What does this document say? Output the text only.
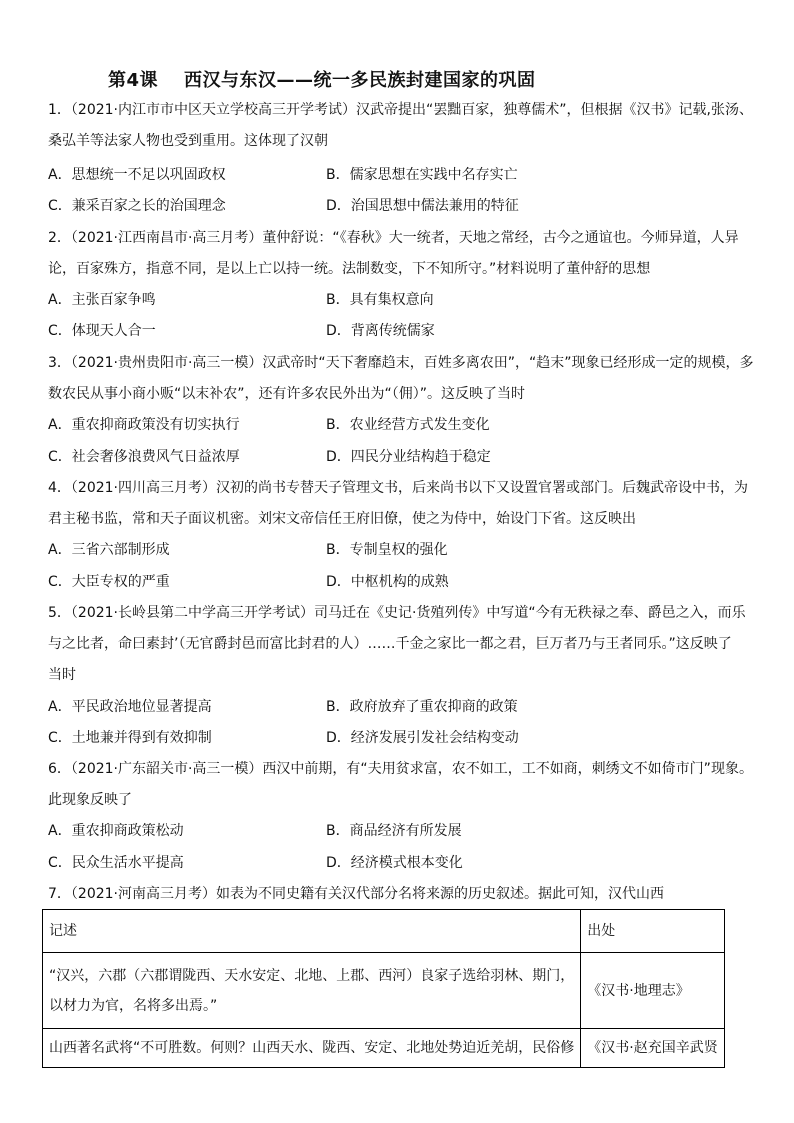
第4课 西汉与东汉——统一多民族封建国家的巩固
1．（2021·内江市市中区天立学校高三开学考试）汉武帝提出“罢黜百家，独尊儒术”，但根据《汉书》记载,张汤、
桑弘羊等法家人物也受到重用。这体现了汉朝
A．思想统一不足以巩固政权	B．儒家思想在实践中名存实亡
C．兼采百家之长的治国理念	D．治国思想中儒法兼用的特征
2．（2021·江西南昌市·高三月考）董仲舒说：“《春秋》大一统者，天地之常经，古今之通谊也。今师异道，人异
论，百家殊方，指意不同，是以上亡以持一统。法制数变，下不知所守。”材料说明了董仲舒的思想
A．主张百家争鸣	B．具有集权意向
C．体现天人合一	D．背离传统儒家
3．（2021·贵州贵阳市·高三一模）汉武帝时“天下奢靡趋末，百姓多离农田”，“趋末”现象已经形成一定的规模，多
数农民从事小商小贩“以末补农”，还有许多农民外出为“（佣）”。这反映了当时
A．重农抑商政策没有切实执行	B．农业经营方式发生变化
C．社会奢侈浪费风气日益浓厚	D．四民分业结构趋于稳定
4．（2021·四川高三月考）汉初的尚书专替天子管理文书，后来尚书以下又设置官署或部门。后魏武帝设中书，为
君主秘书监，常和天子面议机密。刘宋文帝信任王府旧僚，使之为侍中，始设门下省。这反映出
A．三省六部制形成	B．专制皇权的强化
C．大臣专权的严重	D．中枢机构的成熟
5．（2021·长岭县第二中学高三开学考试）司马迁在《史记·货殖列传》中写道“今有无秩禄之奉、爵邑之入，而乐
与之比者，命曰素封’（无官爵封邑而富比封君的人）……千金之家比一都之君，巨万者乃与王者同乐。”这反映了
当时
A．平民政治地位显著提高	B．政府放弃了重农抑商的政策
C．土地兼并得到有效抑制	D．经济发展引发社会结构变动
6．（2021·广东韶关市·高三一模）西汉中前期，有“夫用贫求富，农不如工，工不如商，刺绣文不如倚市门”现象。
此现象反映了
A．重农抑商政策松动	B．商品经济有所发展
C．民众生活水平提高	D．经济模式根本变化
7．（2021·河南高三月考）如表为不同史籍有关汉代部分名将来源的历史叙述。据此可知，汉代山西
记述	出处

“汉兴，六郡（六郡谓陇西、天水安定、北地、上郡、西河）良家子选给羽林、期门，
以材力为官，名将多出焉。”	《汉书·地理志》

山西著名武将“不可胜数。何则？山西天水、陇西、安定、北地处势迫近羌胡，民俗修	《汉书·赵充国辛武贤
